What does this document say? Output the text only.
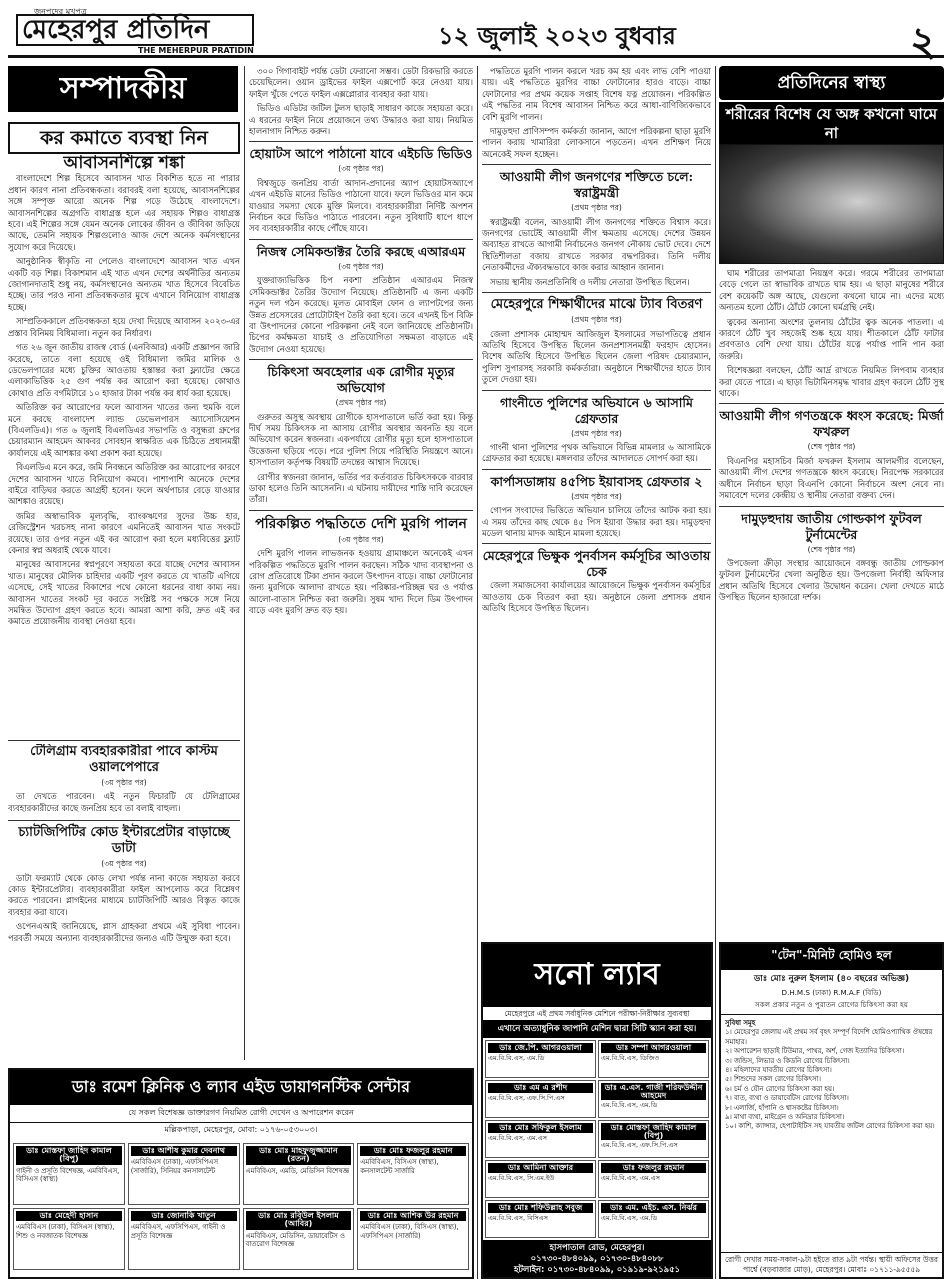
জনপদের মুখপত্র
মেহেরপুর প্রতিদিন
THE MEHERPUR PRATIDIN
১২ জুলাই ২০২৩ বুধবার	২
সম্পাদকীয়
কর কমাতে ব্যবস্থা নিন
আবাসনশিল্পে শঙ্কা

বাংলাদেশে শিল্প হিসেবে আবাসন খাত বিকশিত হতে না পারার প্রধান কারণ নানা প্রতিবন্ধকতা। বরাবরই বলা হয়েছে, আবাসনশিল্পের সঙ্গে সম্পৃক্ত আরো অনেক শিল্প গড়ে উঠেছে বাংলাদেশে। আবাসনশিল্পের অগ্রগতি বাধাগ্রস্ত হলে এর সহায়ক শিল্পও বাধাগ্রস্ত হবে। এই শিল্পের সঙ্গে যেমন অনেক লোকের জীবন ও জীবিকা জড়িয়ে আছে, তেমনি সহায়ক শিল্পগুলোও আজ দেশে অনেক কর্মসংস্থানের সুযোগ করে দিয়েছে।

আনুষ্ঠানিক স্বীকৃতি না পেলেও বাংলাদেশে আবাসন খাত এখন একটি বড় শিল্প। বিকাশমান এই খাত এখন দেশের অর্থনীতির অন্যতম জোগানদাতাই শুধু নয়, কর্মসংস্থানেও অন্যতম খাত হিসেবে বিবেচিত হচ্ছে। তার পরও নানা প্রতিবন্ধকতার মুখে এখানে বিনিয়োগ বাধাগ্রস্ত হচ্ছে।

সাম্প্রতিককালে প্রতিবন্ধকতা হয়ে দেখা দিয়েছে আবাসন ২০২৩-এর প্রস্তাব বিনিময় বিধিমালা। নতুন কর নির্ধারণ।

গত ২৬ জুন জাতীয় রাজস্ব বোর্ড (এনবিআর) একটি প্রজ্ঞাপন জারি করেছে, তাতে বলা হয়েছে ওই বিধিমালা জমির মালিক ও ডেভেলপারের মধ্যে চুক্তির আওতায় হস্তান্তর করা ফ্ল্যাটের ক্ষেত্রে এলাকাভিত্তিক ২৫ গুণ পর্যন্ত কর আরোপ করা হয়েছে। কোথাও কোথাও প্রতি বর্গমিটারে ১০ হাজার টাকা পর্যন্ত কর ধার্য করা হয়েছে।

অতিরিক্ত কর আরোপের ফলে আবাসন খাতের জন্য হুমকি বলে মনে করছে বাংলাদেশ ল্যান্ড ডেভেলপারস অ্যাসোসিয়েশন (বিএলডিএ)। গত ৬ জুলাই বিএলডিএর সভাপতি ও বসুন্ধরা গ্রুপের চেয়ারম্যান আহমেদ আকবর সোবহান স্বাক্ষরিত এক চিঠিতে প্রধানমন্ত্রী কার্যালয়ে এই আশঙ্কার কথা প্রকাশ করা হয়েছে।

বিএলডিএ মনে করে, জমি নিবন্ধনে অতিরিক্ত কর আরোপের কারণে দেশের আবাসন খাতে বিনিয়োগ কমবে। পাশাপাশি অনেকে দেশের বাইরে বাড়িঘর করতে আগ্রহী হবেন। ফলে অর্থপাচার বেড়ে যাওয়ার আশঙ্কাও রয়েছে।

জমির অস্বাভাবিক মূল্যবৃদ্ধি, ব্যাংকঋণের সুদের উচ্চ হার, রেজিস্ট্রেশন খরচসহ নানা কারণে এমনিতেই আবাসন খাত সংকটে রয়েছে। তার ওপর নতুন এই কর আরোপ করা হলে মধ্যবিত্তের ফ্ল্যাট কেনার স্বপ্ন অধরাই থেকে যাবে।

মানুষের আবাসনের স্বপ্নপূরণে সহায়তা করে যাচ্ছে দেশের আবাসন খাত। মানুষের মৌলিক চাহিদার একটি পূরণ করতে যে খাতটি এগিয়ে এসেছে, সেই খাতের বিকাশের পথে কোনো ধরনের বাধা কাম্য নয়। আবাসন খাতের সংকট দূর করতে সংশ্লিষ্ট সব পক্ষকে সঙ্গে নিয়ে সমন্বিত উদ্যোগ গ্রহণ করতে হবে। আমরা আশা করি, দ্রুত এই কর কমাতে প্রয়োজনীয় ব্যবস্থা নেওয়া হবে।

টেলিগ্রাম ব্যবহারকারীরা পাবে কাস্টম ওয়ালপেপারে
(৩য় পৃষ্ঠার পর)

তা দেখতে পারবেন। এই নতুন ফিচারটি যে টেলিগ্রামের ব্যবহারকারীদের কাছে জনপ্রিয় হবে তা বলাই বাহুল্য।

চ্যাটজিপিটির কোড ইন্টারপ্রেটার বাড়াচ্ছে ডাটা
(৩য় পৃষ্ঠার পর)

ডাটা ফরম্যাট থেকে কোড লেখা পর্যন্ত নানা কাজে সহায়তা করবে কোড ইন্টারপ্রেটার। ব্যবহারকারীরা ফাইল আপলোড করে বিশ্লেষণ করতে পারবেন। প্লাগইনের মাধ্যমে চ্যাটজিপিটি আরও বিস্তৃত কাজে ব্যবহার করা যাবে।

ওপেনএআই জানিয়েছে, প্লাস গ্রাহকরা প্রথমে এই সুবিধা পাবেন। পরবর্তী সময়ে অন্যান্য ব্যবহারকারীদের জন্যও এটি উন্মুক্ত করা হবে।

৩০০ গিগাবাইট পর্যন্ত ডেটা ফেরানো সম্ভব। ডেটা রিকভারি করতে চেয়েছিলেন। ওয়ান ড্রাইভের ফাইল এক্সপোর্ট করে নেওয়া যায়। ফাইল খুঁজে পেতে ফাইল এক্সপ্লোরার ব্যবহার করা যায়।

ভিডিও এডিটর জটিল টুলস ছাড়াই সাধারণ কাজে সহায়তা করে। এ ধরনের ফাইল নিয়ে প্রয়োজনে তথ্য উদ্ধারও করা যায়। নিয়মিত হালনাগাদ নিশ্চিত করুন।

হোয়াটস আপে পাঠানো যাবে এইচডি ভিডিও
(৩য় পৃষ্ঠার পর)

বিশ্বজুড়ে জনপ্রিয় বার্তা আদান-প্রদানের অ্যাপ হোয়াটসঅ্যাপে এখন এইচডি মানের ভিডিও পাঠানো যাবে। ফলে ভিডিওর মান কমে যাওয়ার সমস্যা থেকে মুক্তি মিলবে। ব্যবহারকারীরা নির্দিষ্ট অপশন নির্বাচন করে ভিডিও পাঠাতে পারবেন। নতুন সুবিধাটি ধাপে ধাপে সব ব্যবহারকারীর কাছে পৌঁছে যাবে।

নিজস্ব সেমিকন্ডাক্টর তৈরি করছে এআরএম
(৩য় পৃষ্ঠার পর)

যুক্তরাজ্যভিত্তিক চিপ নকশা প্রতিষ্ঠান এআরএম নিজস্ব সেমিকন্ডাক্টর তৈরির উদ্যোগ নিয়েছে। প্রতিষ্ঠানটি এ জন্য একটি নতুন দল গঠন করেছে। মূলত মোবাইল ফোন ও ল্যাপটপের জন্য উন্নত প্রসেসরের প্রোটোটাইপ তৈরি করা হবে। তবে এখনই চিপ বিক্রি বা উৎপাদনের কোনো পরিকল্পনা নেই বলে জানিয়েছে প্রতিষ্ঠানটি। চিপের কর্মক্ষমতা যাচাই ও প্রতিযোগিতা সক্ষমতা বাড়াতে এই উদ্যোগ নেওয়া হয়েছে।

চিকিৎসা অবহেলার এক রোগীর মৃত্যুর অভিযোগ
(প্রথম পৃষ্ঠার পর)

গুরুতর অসুস্থ অবস্থায় রোগীকে হাসপাতালে ভর্তি করা হয়। কিন্তু দীর্ঘ সময় চিকিৎসক না আসায় রোগীর অবস্থার অবনতি হয় বলে অভিযোগ করেন স্বজনরা। একপর্যায়ে রোগীর মৃত্যু হলে হাসপাতালে উত্তেজনা ছড়িয়ে পড়ে। পরে পুলিশ গিয়ে পরিস্থিতি নিয়ন্ত্রণে আনে। হাসপাতাল কর্তৃপক্ষ বিষয়টি তদন্তের আশ্বাস দিয়েছে।

রোগীর স্বজনরা জানান, ভর্তির পর কর্তব্যরত চিকিৎসককে বারবার ডাকা হলেও তিনি আসেননি। এ ঘটনায় দায়ীদের শাস্তি দাবি করেছেন তাঁরা।

পরিকল্পিত পদ্ধতিতে দেশি মুরগি পালন
(৩য় পৃষ্ঠার পর)

দেশি মুরগি পালন লাভজনক হওয়ায় গ্রামাঞ্চলে অনেকেই এখন পরিকল্পিত পদ্ধতিতে মুরগি পালন করছেন। সঠিক খাদ্য ব্যবস্থাপনা ও রোগ প্রতিরোধে টিকা প্রদান করলে উৎপাদন বাড়ে। বাচ্চা ফোটানোর জন্য মুরগিকে আলাদা রাখতে হয়। পরিষ্কার-পরিচ্ছন্ন ঘর ও পর্যাপ্ত আলো-বাতাস নিশ্চিত করা জরুরি। সুষম খাদ্য দিলে ডিম উৎপাদন বাড়ে এবং মুরগি দ্রুত বড় হয়।

পদ্ধতিতে মুরগি পালন করলে খরচ কম হয় এবং লাভ বেশি পাওয়া যায়। এই পদ্ধতিতে মুরগির বাচ্চা ফোটানোর হারও বাড়ে। বাচ্চা ফোটানোর পর প্রথম কয়েক সপ্তাহ বিশেষ যত্ন প্রয়োজন। পরিকল্পিত এই পদ্ধতির নাম বিশেষ আবাসন নিশ্চিত করে আধা-বাণিজ্যিকভাবে বেশি মুরগি পালন।

দামুড়হুদা প্রাণিসম্পদ কর্মকর্তা জানান, আগে পরিকল্পনা ছাড়া মুরগি পালন করায় খামারিরা লোকসানে পড়তেন। এখন প্রশিক্ষণ নিয়ে অনেকেই সফল হচ্ছেন।

আওয়ামী লীগ জনগণের শক্তিতে চলে: স্বরাষ্ট্রমন্ত্রী
(প্রথম পৃষ্ঠার পর)

স্বরাষ্ট্রমন্ত্রী বলেন, আওয়ামী লীগ জনগণের শক্তিতে বিশ্বাস করে। জনগণের ভোটেই আওয়ামী লীগ ক্ষমতায় এসেছে। দেশের উন্নয়ন অব্যাহত রাখতে আগামী নির্বাচনেও জনগণ নৌকায় ভোট দেবে। দেশে স্থিতিশীলতা বজায় রাখতে সরকার বদ্ধপরিকর। তিনি দলীয় নেতাকর্মীদের ঐক্যবদ্ধভাবে কাজ করার আহ্বান জানান।

সভায় স্থানীয় জনপ্রতিনিধি ও দলীয় নেতারা উপস্থিত ছিলেন।

মেহেরপুরে শিক্ষার্থীদের মাঝে ট্যাব বিতরণ
(প্রথম পৃষ্ঠার পর)

জেলা প্রশাসক মোহাম্মদ আজিজুল ইসলামের সভাপতিত্বে প্রধান অতিথি হিসেবে উপস্থিত ছিলেন জনপ্রশাসনমন্ত্রী ফরহাদ হোসেন। বিশেষ অতিথি হিসেবে উপস্থিত ছিলেন জেলা পরিষদ চেয়ারম্যান, পুলিশ সুপারসহ সরকারি কর্মকর্তারা। অনুষ্ঠানে শিক্ষার্থীদের হাতে ট্যাব তুলে দেওয়া হয়।

গাংনীতে পুলিশের অভিযানে ৬ আসামি গ্রেফতার
(প্রথম পৃষ্ঠার পর)

গাংনী থানা পুলিশের পৃথক অভিযানে বিভিন্ন মামলার ৬ আসামিকে গ্রেফতার করা হয়েছে। মঙ্গলবার তাঁদের আদালতে সোপর্দ করা হয়।

কার্পাসডাঙ্গায় ৪৫পিচ ইয়াবাসহ গ্রেফতার ২
(প্রথম পৃষ্ঠার পর)

গোপন সংবাদের ভিত্তিতে অভিযান চালিয়ে তাঁদের আটক করা হয়। এ সময় তাঁদের কাছ থেকে ৪৫ পিস ইয়াবা উদ্ধার করা হয়। দামুড়হুদা মডেল থানায় মাদক আইনে মামলা হয়েছে।

মেহেরপুরে ভিক্ষুক পুনর্বাসন কর্মসূচির আওতায় চেক

জেলা সমাজসেবা কার্যালয়ের আয়োজনে ভিক্ষুক পুনর্বাসন কর্মসূচির আওতায় চেক বিতরণ করা হয়। অনুষ্ঠানে জেলা প্রশাসক প্রধান অতিথি হিসেবে উপস্থিত ছিলেন।

প্রতিদিনের স্বাস্থ্য
শরীরের বিশেষ যে অঙ্গ কখনো ঘামে না

ঘাম শরীরের তাপমাত্রা নিয়ন্ত্রণ করে। গরমে শরীরের তাপমাত্রা বেড়ে গেলে তা স্বাভাবিক রাখতে ঘাম হয়। এ ছাড়া মানুষের শরীরে বেশ কয়েকটি অঙ্গ আছে, যেগুলো কখনো ঘামে না। এদের মধ্যে অন্যতম হলো ঠোঁট। ঠোঁটে কোনো ঘর্মগ্রন্থি নেই।

ত্বকের অন্যান্য অংশের তুলনায় ঠোঁটের ত্বক অনেক পাতলা। এ কারণে ঠোঁট খুব সহজেই শুষ্ক হয়ে যায়। শীতকালে ঠোঁট ফাটার প্রবণতাও বেশি দেখা যায়। ঠোঁটের যত্নে পর্যাপ্ত পানি পান করা জরুরি।

বিশেষজ্ঞরা বলছেন, ঠোঁট আর্দ্র রাখতে নিয়মিত লিপবাম ব্যবহার করা যেতে পারে। এ ছাড়া ভিটামিনসমৃদ্ধ খাবার গ্রহণ করলে ঠোঁট সুস্থ থাকে।

আওয়ামী লীগ গণতন্ত্রকে ধ্বংস করেছে: মির্জা ফখরুল
(শেষ পৃষ্ঠার পর)

বিএনপির মহাসচিব মির্জা ফখরুল ইসলাম আলমগীর বলেছেন, আওয়ামী লীগ দেশের গণতন্ত্রকে ধ্বংস করেছে। নিরপেক্ষ সরকারের অধীনে নির্বাচন ছাড়া বিএনপি কোনো নির্বাচনে অংশ নেবে না। সমাবেশে দলের কেন্দ্রীয় ও স্থানীয় নেতারা বক্তব্য দেন।

দামুড়হুদায় জাতীয় গোল্ডকাপ ফুটবল টুর্নামেন্টের
(শেষ পৃষ্ঠার পর)

উপজেলা ক্রীড়া সংস্থার আয়োজনে বঙ্গবন্ধু জাতীয় গোল্ডকাপ ফুটবল টুর্নামেন্টের খেলা অনুষ্ঠিত হয়। উপজেলা নির্বাহী অফিসার প্রধান অতিথি হিসেবে খেলার উদ্বোধন করেন। খেলা দেখতে মাঠে উপস্থিত ছিলেন হাজারো দর্শক।

ডাঃ রমেশ ক্লিনিক ও ল্যাব এইড ডায়াগনস্টিক সেন্টার
যে সকল বিশেষজ্ঞ ডাক্তারগণ নিয়মিত রোগী দেখেন ও অপারেশন করেন
মল্লিকপাড়া, মেহেরপুর, মোবা: ০১৭৬-০৫৩০০৩।
ডাঃ মোস্তফা জাহিদ কামাল (বিপু)
গাইনী ও প্রসূতি বিশেষজ্ঞ, এমবিবিএস, বিসিএস (স্বাস্থ্য)
ডাঃ আশীষ কুমার দেবনাথ
এমবিবিএস (ঢাকা), এফসিপিএস (সার্জারি), সিনিয়র কনসালটেন্ট
ডাঃ মোঃ মাহফুজুজ্জামান (রতন)
এমবিবিএস, এমডি, মেডিসিন বিশেষজ্ঞ
ডাঃ মোঃ ফজলুর রহমান
এমবিবিএস, বিসিএস (স্বাস্থ্য), কনসালটেন্ট সার্জারি
ডাঃ মেহেদী হাসান
এমবিবিএস (ঢাকা), বিসিএস (স্বাস্থ্য), শিশু ও নবজাতক বিশেষজ্ঞ
ডাঃ জোনাকি খাতুন
এমবিবিএস, এফসিপিএস, গাইনী ও প্রসূতি বিশেষজ্ঞ
ডাঃ মোঃ রবিউল ইসলাম (আবির)
এমবিবিএস, মেডিসিন, ডায়াবেটিস ও বাতরোগ বিশেষজ্ঞ
ডাঃ মোঃ আশিক উর রহমান
এমবিবিএস (ঢাকা), বিসিএস (স্বাস্থ্য), এফসিপিএস (সার্জারি)
সনো ল্যাব
মেহেরপুরে এই প্রথম সর্বাধুনিক মেশিনে পরীক্ষা-নিরীক্ষার সুব্যবস্থা
এখানে অত্যাধুনিক জাপানি মেশিন দ্বারা সিটি স্ক্যান করা হয়।
ডাঃ জে.পি. আগরওয়ালা
এম.বি.বি.এস, এম.ডি
ডাঃ সম্পা আগরওয়ালা
এম.বি.বি.এস, ডিজিও
ডাঃ এম এ রশীদ
এম.বি.বি.এস, এফ.সি.পি.এস
ডাঃ এ.এস. গাজী শরিফউদ্দীন আহমেদ
এম.বি.বি.এস, এম.ডি
ডাঃ মোঃ সফিকুল ইসলাম
এম.বি.বি.এস, এম.এস
ডাঃ মোস্তফা জাহিদ কামাল (বিপু)
এম.বি.বি.এস, এফ.সি.পি.এস
ডাঃ আমিনা আক্তার
এম.বি.বি.এস, সি.এম.ইউ
ডাঃ ফজলুর রহমান
এম.বি.বি.এস, এম.এস
ডাঃ মোঃ শফিউল্লাহ সবুজ
এম.বি.বি.এস, বিসিএস
ডাঃ এম. এইচ. এস. নির্ঝর
এম.বি.বি.এস, এম.ডি
হাসপাতাল রোড, মেহেরপুর।
০১৭৩০-৪৮৪০৯৯, ০১৭৩০-৪৮৪০৮৮
হটলাইন: ০১৭৩০-৪৮৪০৯৯, ০১৯১৯-৯২১৯৫১
"টেন"-মিনিট হোমিও হল
ডাঃ মোঃ নুরুল ইসলাম (৪০ বছরের অভিজ্ঞ)
D.H.M.S (ঢাকা) R.M.A.F (বিডি)
সকল প্রকার নতুন ও পুরাতন রোগের চিকিৎসা করা হয়
সুবিধা সমূহ
১। মেহেরপুর জেলায় এই প্রথম সর্ব বৃহৎ সম্পূর্ণ বিদেশি হোমিওপ্যাথিক ঔষধের সমাহার।
২। অপারেশন ছাড়াই টিউমার, পাথর, অর্শ, গেজ ইত্যাদির চিকিৎসা।
৩। জন্ডিস, লিভার ও কিডনি রোগের চিকিৎসা।
৪। মহিলাদের যাবতীয় রোগের চিকিৎসা।
৫। শিশুদের সকল রোগের চিকিৎসা।
৬। চর্ম ও যৌন রোগের চিকিৎসা করা হয়।
৭। বাত, ব্যথা ও ডায়াবেটিস রোগের চিকিৎসা।
৮। এলার্জি, হাঁপানি ও শ্বাসকষ্টের চিকিৎসা।
৯। মাথা ব্যথা, মাইগ্রেন ও অনিদ্রার চিকিৎসা।
১০। কাশি, ক্যান্সার, হেপাটাইটিস সহ যাবতীয় জটিল রোগের চিকিৎসা করা হয়।
রোগী দেখার সময়-সকাল-৯টা হইতে রাত ৯টা পর্যন্ত। স্থায়ী অফিসের উত্তর পার্শ্বে (বড়বাজার মোড়), মেহেরপুর। মোবাঃ ০১৭১১-৯৫৫৫৯
